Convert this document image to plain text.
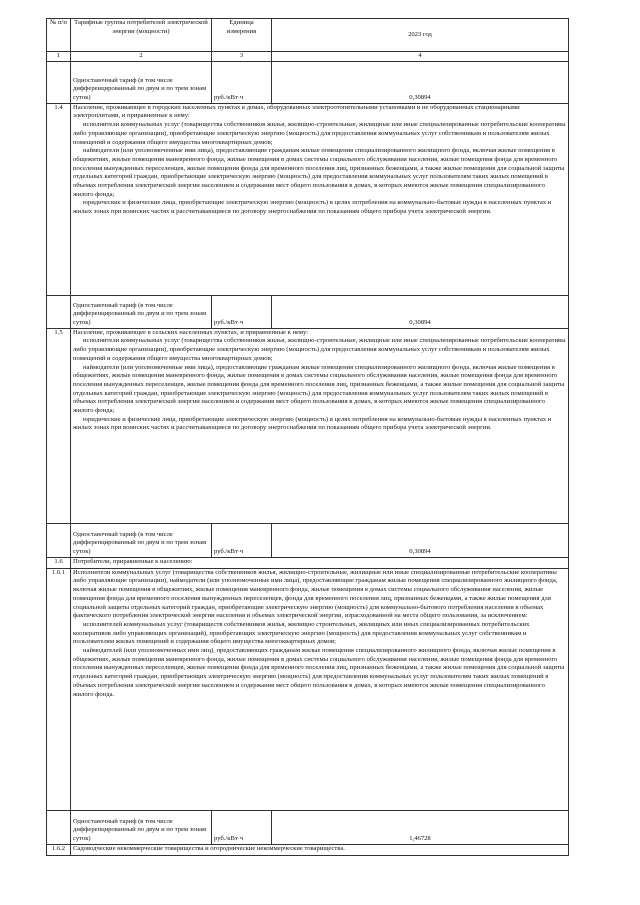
№ п/п	Тарифные группы потребителей электрической энергии (мощности)	Единица измерения	2023 год
1	2	3	4
	Одноставочный тариф (в том числе дифференцированный по двум и по трем зонам суток)	руб./кВт·ч	0,30894
1.4	Население, проживающее в городских населенных пунктах в домах, оборудованных электроотопительными установками и не оборудованных стационарными электроплитами, и приравненные к нему:

исполнители коммунальных услуг (товарищества собственников жилья, жилищно-строительные, жилищные или иные специализированные потребительские кооперативы либо управляющие организации), приобретающие электрическую энергию (мощность) для предоставления коммунальных услуг собственникам и пользователям жилых помещений и содержания общего имущества многоквартирных домов;

наймодатели (или уполномоченные ими лица), предоставляющие гражданам жилые помещения специализированного жилищного фонда, включая жилые помещения в общежитиях, жилые помещения маневренного фонда, жилые помещения в домах системы социального обслуживания населения, жилые помещения фонда для временного поселения вынужденных переселенцев, жилые помещения фонда для временного поселения лиц, признанных беженцами, а также жилые помещения для социальной защиты отдельных категорий граждан, приобретающие электрическую энергию (мощность) для предоставления коммунальных услуг пользователям таких жилых помещений в объемах потребления электрической энергии населением и содержания мест общего пользования в домах, в которых имеются жилые помещения специализированного жилого фонда;

юридические и физические лица, приобретающие электрическую энергию (мощность) в целях потребления на коммунально-бытовые нужды в населенных пунктах и жилых зонах при воинских частях и рассчитывающиеся по договору энергоснабжения по показаниям общего прибора учета электрической энергии.		

	Одноставочный тариф (в том числе дифференцированный по двум и по трем зонам суток)	руб./кВт·ч	0,30894
1.5	Население, проживающее в сельских населенных пунктах, и приравненные к нему:

исполнители коммунальных услуг (товарищества собственников жилья, жилищно-строительные, жилищные или иные специализированные потребительские кооперативы либо управляющие организации), приобретающие электрическую энергию (мощность) для предоставления коммунальных услуг собственникам и пользователям жилых помещений и содержания общего имущества многоквартирных домов;

наймодатели (или уполномоченные ими лица), предоставляющие гражданам жилые помещения специализированного жилищного фонда, включая жилые помещения в общежитиях, жилые помещения маневренного фонда, жилые помещения в домах системы социального обслуживания населения, жилые помещения фонда для временного поселения вынужденных переселенцев, жилые помещения фонда для временного поселения лиц, признанных беженцами, а также жилые помещения для социальной защиты отдельных категорий граждан, приобретающие электрическую энергию (мощность) для предоставления коммунальных услуг пользователям таких жилых помещений в объемах потребления электрической энергии населением и содержания мест общего пользования в домах, в которых имеются жилые помещения специализированного жилого фонда;

юридические и физические лица, приобретающие электрическую энергию (мощность) в целях потребления на коммунально-бытовые нужды в населенных пунктах и жилых зонах при воинских частях и рассчитывающиеся по договору энергоснабжения по показаниям общего прибора учета электрической энергии.		

	Одноставочный тариф (в том числе дифференцированный по двум и по трем зонам суток)	руб./кВт·ч	0,30894
1.6	Потребители, приравненные к населению:		
1.6.1	Исполнители коммунальных услуг (товарищества собственников жилья, жилищно-строительные, жилищные или иные специализированные потребительские кооперативы либо управляющие организации), наймодатели (или уполномоченные ими лица), предоставляющие гражданам жилые помещения специализированного жилищного фонда, включая жилые помещения в общежитиях, жилые помещения маневренного фонда, жилые помещения в домах системы социального обслуживания населения, жилые помещения фонда для временного поселения вынужденных переселенцев, фонда для временного поселения лиц, признанных беженцами, а также жилые помещения для социальной защиты отдельных категорий граждан, приобретающие электрическую энергию (мощность) для коммунально-бытового потребления населения в объемах фактического потребления электрической энергии населения и объемах электрической энергии, израсходованной на места общего пользования, за исключением:

исполнителей коммунальных услуг (товариществ собственников жилья, жилищно строительных, жилищных или иных специализированных потребительских кооперативов либо управляющих организаций), приобретающих электрическую энергию (мощность) для предоставления коммунальных услуг собственникам и пользователям жилых помещений и содержания общего имущества многоквартирных домов;

наймодателей (или уполномоченных ими лиц), предоставляющих гражданам жилые помещения специализированного жилищного фонда, включая жилые помещения в общежитиях, жилые помещения маневренного фонда, жилые помещения в домах системы социального обслуживания населения, жилые помещения фонда для временного поселения вынужденных переселенцев, жилые помещения фонда для временного поселения лиц, признанных беженцами, а также жилые помещения для социальной защиты отдельных категорий граждан, приобретающих электрическую энергию (мощность) для предоставления коммунальных услуг пользователям таких жилых помещений в объемах потребления электрической энергии населением и содержания мест общего пользования в домах, в которых имеются жилые помещения специализированного жилого фонда.		

	Одноставочный тариф (в том числе дифференцированный по двум и по трем зонам суток)	руб./кВт·ч	1,46728
1.6.2	Садоводческие некоммерческие товарищества и огороднические некоммерческие товарищества.		
